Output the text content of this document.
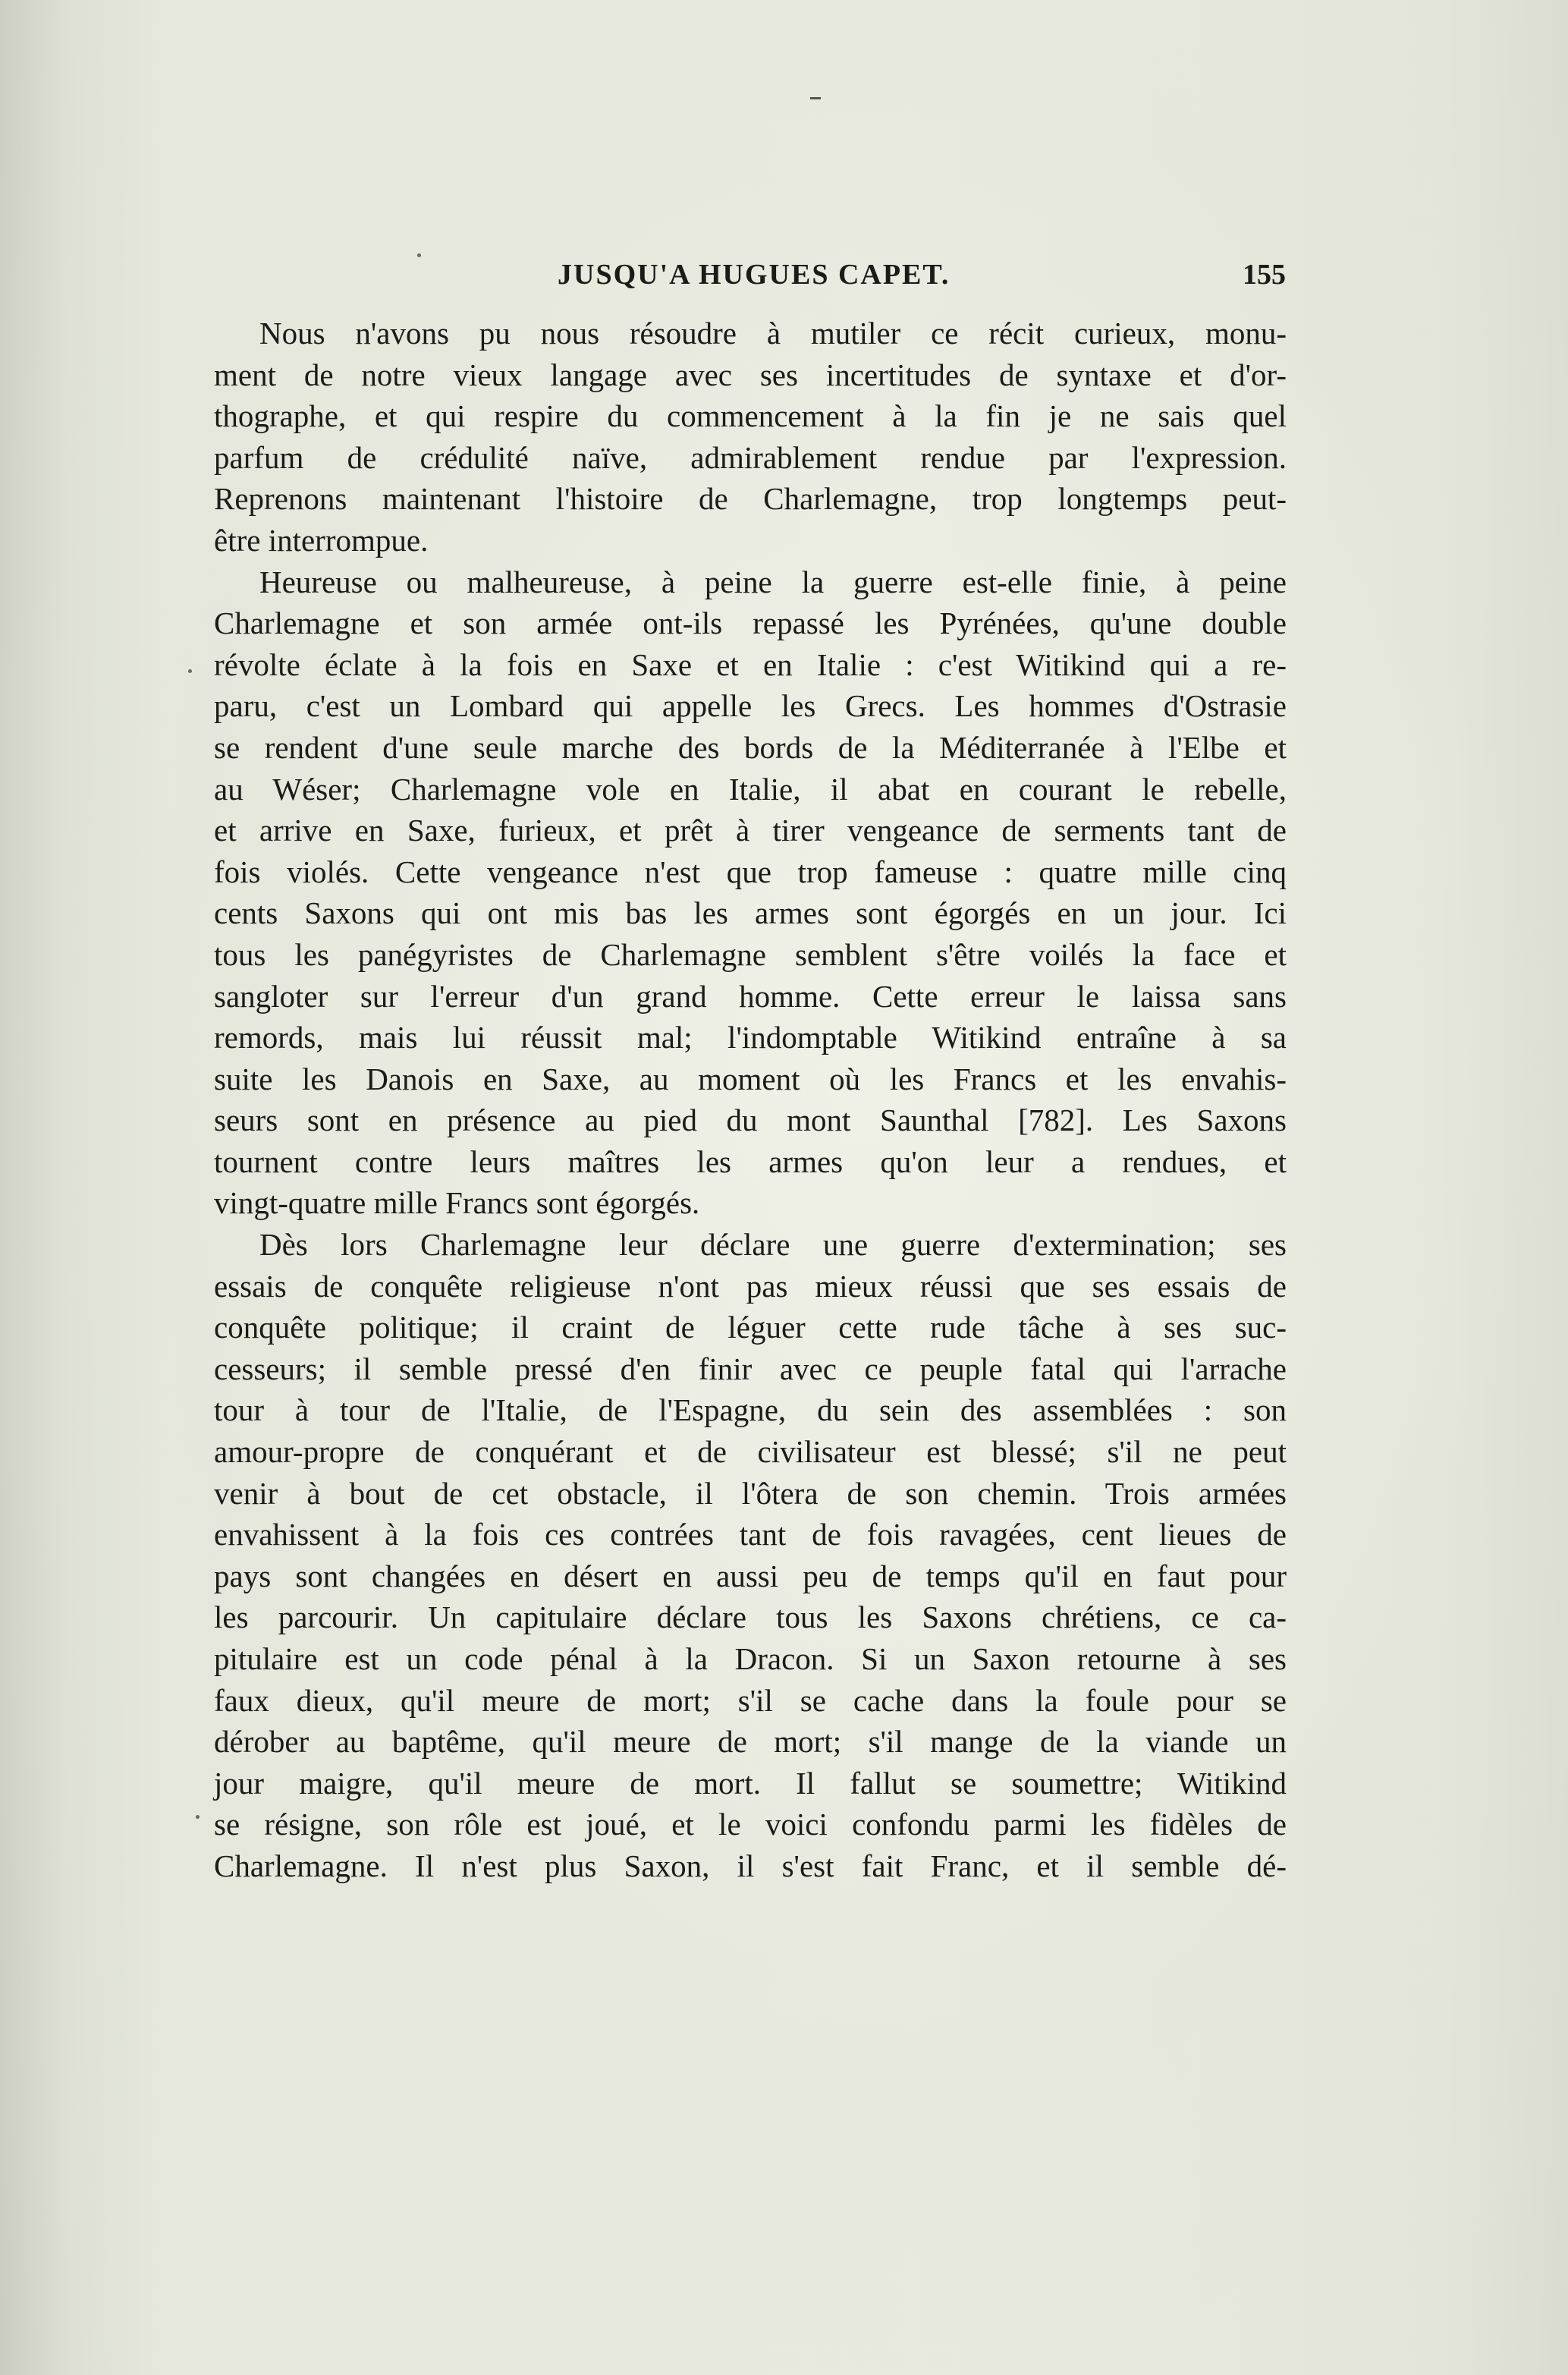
JUSQU'A HUGUES CAPET.	155
Nous n'avons pu nous résoudre à mutiler ce récit curieux, monu-
ment de notre vieux langage avec ses incertitudes de syntaxe et d'or-
thographe, et qui respire du commencement à la fin je ne sais quel
parfum de crédulité naïve, admirablement rendue par l'expression.
Reprenons maintenant l'histoire de Charlemagne, trop longtemps peut-
être interrompue.
Heureuse ou malheureuse, à peine la guerre est-elle finie, à peine
Charlemagne et son armée ont-ils repassé les Pyrénées, qu'une double
révolte éclate à la fois en Saxe et en Italie : c'est Witikind qui a re-
paru, c'est un Lombard qui appelle les Grecs. Les hommes d'Ostrasie
se rendent d'une seule marche des bords de la Méditerranée à l'Elbe et
au Wéser; Charlemagne vole en Italie, il abat en courant le rebelle,
et arrive en Saxe, furieux, et prêt à tirer vengeance de serments tant de
fois violés. Cette vengeance n'est que trop fameuse : quatre mille cinq
cents Saxons qui ont mis bas les armes sont égorgés en un jour. Ici
tous les panégyristes de Charlemagne semblent s'être voilés la face et
sangloter sur l'erreur d'un grand homme. Cette erreur le laissa sans
remords, mais lui réussit mal; l'indomptable Witikind entraîne à sa
suite les Danois en Saxe, au moment où les Francs et les envahis-
seurs sont en présence au pied du mont Saunthal [782]. Les Saxons
tournent contre leurs maîtres les armes qu'on leur a rendues, et
vingt-quatre mille Francs sont égorgés.
Dès lors Charlemagne leur déclare une guerre d'extermination; ses
essais de conquête religieuse n'ont pas mieux réussi que ses essais de
conquête politique; il craint de léguer cette rude tâche à ses suc-
cesseurs; il semble pressé d'en finir avec ce peuple fatal qui l'arrache
tour à tour de l'Italie, de l'Espagne, du sein des assemblées : son
amour-propre de conquérant et de civilisateur est blessé; s'il ne peut
venir à bout de cet obstacle, il l'ôtera de son chemin. Trois armées
envahissent à la fois ces contrées tant de fois ravagées, cent lieues de
pays sont changées en désert en aussi peu de temps qu'il en faut pour
les parcourir. Un capitulaire déclare tous les Saxons chrétiens, ce ca-
pitulaire est un code pénal à la Dracon. Si un Saxon retourne à ses
faux dieux, qu'il meure de mort; s'il se cache dans la foule pour se
dérober au baptême, qu'il meure de mort; s'il mange de la viande un
jour maigre, qu'il meure de mort. Il fallut se soumettre; Witikind
se résigne, son rôle est joué, et le voici confondu parmi les fidèles de
Charlemagne. Il n'est plus Saxon, il s'est fait Franc, et il semble dé-
